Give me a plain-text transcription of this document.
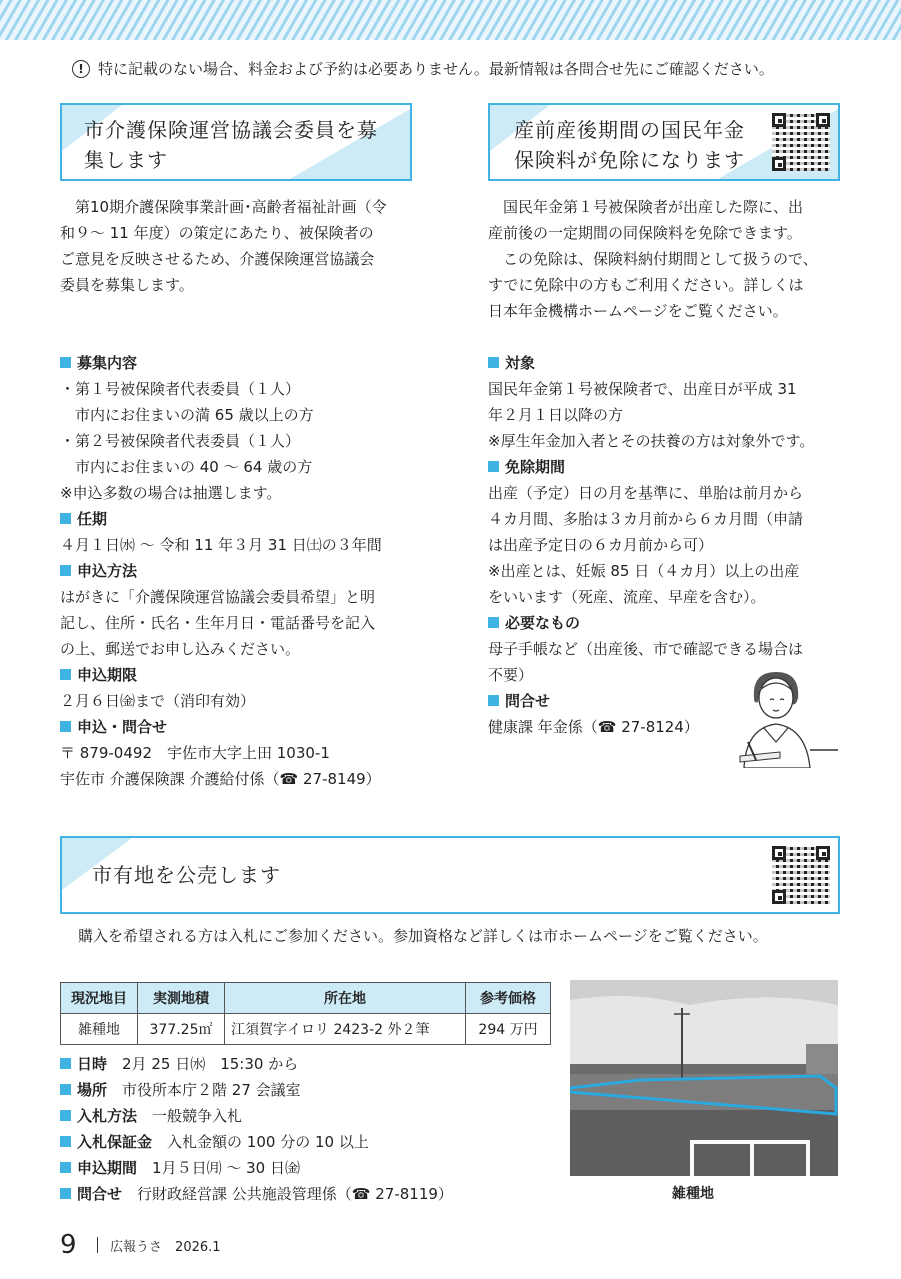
! 特に記載のない場合、料金および予約は必要ありません。最新情報は各問合せ先にご確認ください。
市介護保険運営協議会委員を募
集します
産前産後期間の国民年金
保険料が免除になります

第10期介護保険事業計画･高齢者福祉計画（令

和９～ 11 年度）の策定にあたり、被保険者の

ご意見を反映させるため、介護保険運営協議会

委員を募集します。

募集内容

・第１号被保険者代表委員（１人）

　市内にお住まいの満 65 歳以上の方

・第２号被保険者代表委員（１人）

　市内にお住まいの 40 ～ 64 歳の方

※申込多数の場合は抽選します。

任期

４月１日㈬ ～ 令和 11 年３月 31 日㈯の３年間

申込方法

はがきに「介護保険運営協議会委員希望」と明

記し、住所・氏名・生年月日・電話番号を記入

の上、郵送でお申し込みください。

申込期限

２月６日㈮まで（消印有効）

申込・問合せ

〒 879-0492　宇佐市大字上田 1030-1

宇佐市 介護保険課 介護給付係（☎ 27-8149）

国民年金第１号被保険者が出産した際に、出

産前後の一定期間の同保険料を免除できます。

この免除は、保険料納付期間として扱うので、

すでに免除中の方もご利用ください。詳しくは

日本年金機構ホームページをご覧ください。

対象

国民年金第１号被保険者で、出産日が平成 31

年２月１日以降の方

※厚生年金加入者とその扶養の方は対象外です。

免除期間

出産（予定）日の月を基準に、単胎は前月から

４カ月間、多胎は３カ月前から６カ月間（申請

は出産予定日の６カ月前から可）

※出産とは、妊娠 85 日（４カ月）以上の出産

をいいます（死産、流産、早産を含む）。

必要なもの

母子手帳など（出産後、市で確認できる場合は

不要）

問合せ

健康課 年金係（☎ 27-8124）

市有地を公売します
購入を希望される方は入札にご参加ください。参加資格など詳しくは市ホームページをご覧ください。
現況地目	実測地積	所在地	参考価格
雑種地	377.25㎡	江須賀字イロリ 2423-2 外２筆	294 万円

日時　 2月 25 日㈬　15:30 から

場所　 市役所本庁２階 27 会議室

入札方法　 一般競争入札

入札保証金　 入札金額の 100 分の 10 以上

申込期間　 1月５日㈪ ～ 30 日㈮

問合せ　 行財政経営課 公共施設管理係（☎ 27-8119）	雑種地
9	広報うさ　2026.1
